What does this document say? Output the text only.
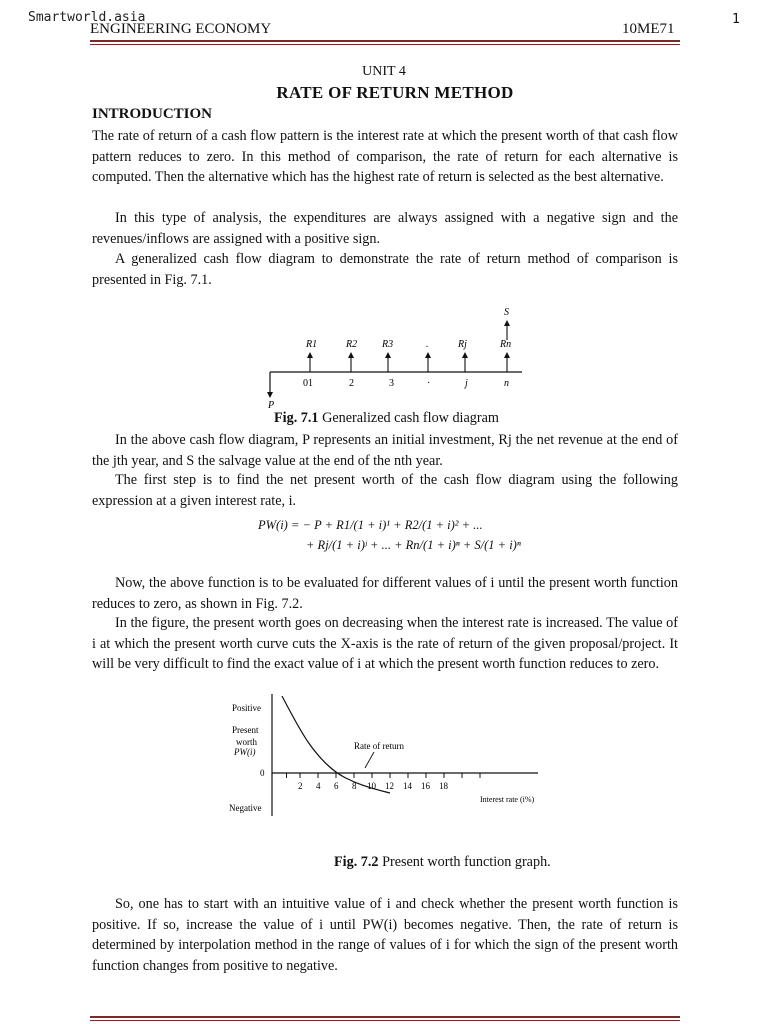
Smartworld.asia	1
ENGINEERING ECONOMY	10ME71
UNIT 4
RATE OF RETURN METHOD
INTRODUCTION

The rate of return of a cash flow pattern is the interest rate at which the present worth of that cash flow pattern reduces to zero. In this method of comparison, the rate of return for each alternative is computed. Then the alternative which has the highest rate of return is selected as the best alternative.

In this type of analysis, the expenditures are always assigned with a negative sign and the revenues/inflows are assigned with a positive sign.

A generalized cash flow diagram to demonstrate the rate of return method of comparison is presented in Fig. 7.1.

P
R1
01
R2
2
R3
3
.
·
Rj
j
Rn
n
S
Fig. 7.1 Generalized cash flow diagram

In the above cash flow diagram, P represents an initial investment, Rj the net revenue at the end of the jth year, and S the salvage value at the end of the nth year.

The first step is to find the net present worth of the cash flow diagram using the following expression at a given interest rate, i.

PW(i) = − P + R1/(1 + i)¹ + R2/(1 + i)² + ...
+ Rj/(1 + i)ʲ + ... + Rn/(1 + i)ⁿ + S/(1 + i)ⁿ

Now, the above function is to be evaluated for different values of i until the present worth function reduces to zero, as shown in Fig. 7.2.

In the figure, the present worth goes on decreasing when the interest rate is increased. The value of i at which the present worth curve cuts the X-axis is the rate of return of the given proposal/project. It will be very difficult to find the exact value of i at which the present worth function reduces to zero.

Positive
Present
worth
PW(i)
0
Negative
2 4 6 8 10 12 14 16 18
Rate of return
Interest rate (i%)
Fig. 7.2 Present worth function graph.

So, one has to start with an intuitive value of i and check whether the present worth function is positive. If so, increase the value of i until PW(i) becomes negative. Then, the rate of return is determined by interpolation method in the range of values of i for which the sign of the present worth function changes from positive to negative.
